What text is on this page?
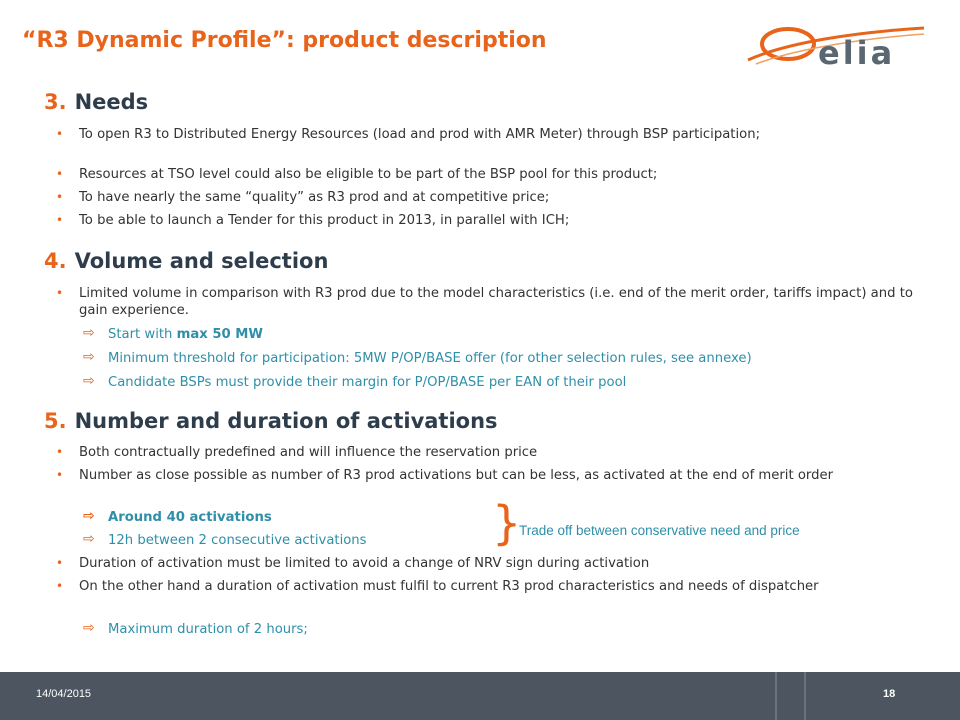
“R3 Dynamic Profile”: product description	elia
3. Needs
• To open R3 to Distributed Energy Resources (load and prod with AMR Meter) through BSP participation;
• Resources at TSO level could also be eligible to be part of the BSP pool for this product;
• To have nearly the same “quality” as R3 prod and at competitive price;
• To be able to launch a Tender for this product in 2013, in parallel with ICH;
4. Volume and selection
• Limited volume in comparison with R3 prod due to the model characteristics (i.e. end of the merit order, tariffs impact) and to gain experience.
⇨ Start with max 50 MW
⇨ Minimum threshold for participation: 5MW P/OP/BASE offer (for other selection rules, see annexe)
⇨ Candidate BSPs must provide their margin for P/OP/BASE per EAN of their pool
5. Number and duration of activations
• Both contractually predefined and will influence the reservation price
• Number as close possible as number of R3 prod activations but can be less, as activated at the end of merit order
⇨ Around 40 activations
⇨ 12h between 2 consecutive activations	}
Trade off between conservative need and price
• Duration of activation must be limited to avoid a change of NRV sign during activation
• On the other hand a duration of activation must fulfil to current R3 prod characteristics and needs of dispatcher
⇨ Maximum duration of 2 hours;
14/04/2015	18
